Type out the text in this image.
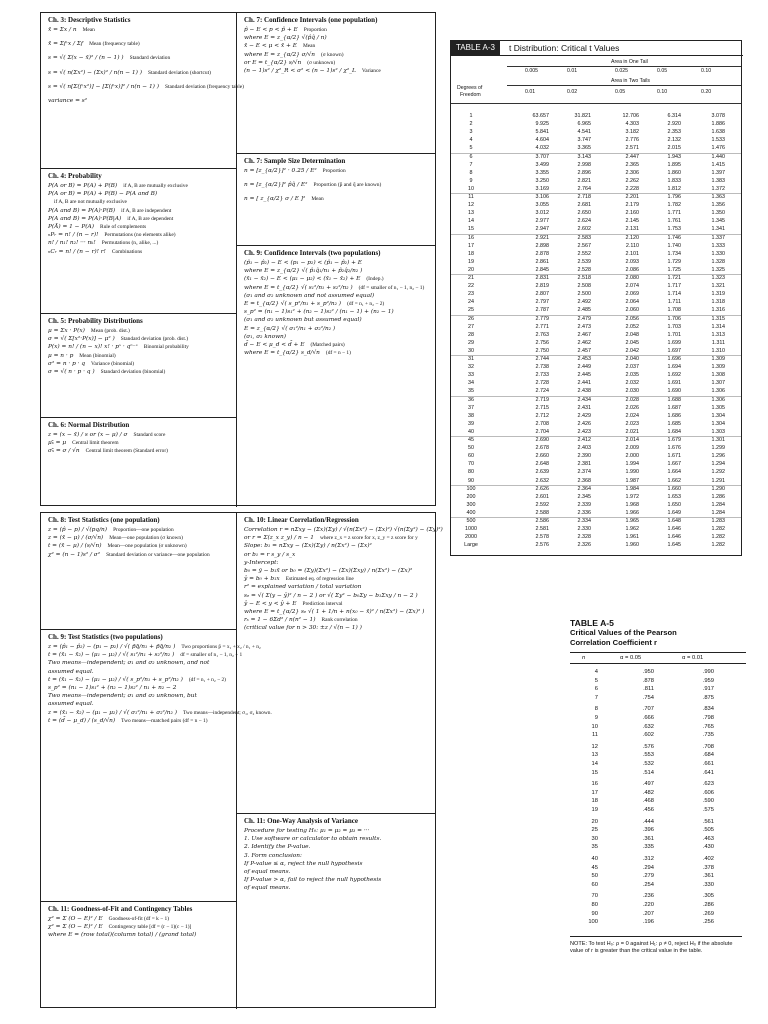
Ch. 3: Descriptive Statistics
x̄ = Σx / n Mean
x̄ = Σf·x / Σf Mean (frequency table)
s = √( Σ(x − x̄)² / (n − 1) ) Standard deviation
s = √( n(Σx²) − (Σx)² / n(n − 1) ) Standard deviation (shortcut)
s = √( n[Σ(f·x²)] − [Σ(f·x)]² / n(n − 1) ) Standard deviation (frequency table)
variance = s²
Ch. 4: Probability
P(A or B) = P(A) + P(B) if A, B are mutually exclusive
P(A or B) = P(A) + P(B) − P(A and B)
if A, B are not mutually exclusive
P(A and B) = P(A)·P(B) if A, B are independent
P(A and B) = P(A)·P(B|A) if A, B are dependent
P(Ā) = 1 − P(A) Rule of complements
ₙPᵣ = n! / (n − r)! Permutations (no elements alike)
n! / n₁! n₂! ··· nₖ! Permutations (n₁ alike, ...)
ₙCᵣ = n! / (n − r)! r! Combinations
Ch. 5: Probability Distributions
μ = Σx · P(x) Mean (prob. dist.)
σ = √( Σ[x²·P(x)] − μ² ) Standard deviation (prob. dist.)
P(x) = n! / (n − x)! x! · pˣ · qⁿ⁻ˣ Binomial probability
μ = n · p Mean (binomial)
σ² = n · p · q Variance (binomial)
σ = √( n · p · q ) Standard deviation (binomial)
Ch. 6: Normal Distribution
z = (x − x̄) / s or (x − μ) / σ Standard score
μₓ̄ = μ Central limit theorem
σₓ̄ = σ / √n Central limit theorem (Standard error)
Ch. 7: Confidence Intervals (one population)
p̂ − E < p < p̂ + E Proportion
where E = z_{α/2} √(p̂q̂ / n)
x̄ − E < μ < x̄ + E Mean
where E = z_{α/2} σ/√n (σ known)
or E = t_{α/2} s/√n (σ unknown)
(n − 1)s² / χ²_R < σ² < (n − 1)s² / χ²_L Variance
Ch. 7: Sample Size Determination
n = [z_{α/2}]² · 0.25 / E² Proportion
n = [z_{α/2}]² p̂q̂ / E² Proportion (p̂ and q̂ are known)
n = [ z_{α/2} σ / E ]² Mean
Ch. 9: Confidence Intervals (two populations)
(p̂₁ − p̂₂) − E < (p₁ − p₂) < (p̂₁ − p̂₂) + E
where E = z_{α/2} √( p̂₁q̂₁/n₁ + p̂₂q̂₂/n₂ )
(x̄₁ − x̄₂) − E < (μ₁ − μ₂) < (x̄₁ − x̄₂) + E (Indep.)
where E = t_{α/2} √( s₁²/n₁ + s₂²/n₂ ) (df = smaller of n₁ − 1, n₂ − 1)
(σ₁ and σ₂ unknown and not assumed equal)
E = t_{α/2} √( s_p²/n₁ + s_p²/n₂ ) (df = n₁ + n₂ − 2)
s_p² = (n₁ − 1)s₁² + (n₂ − 1)s₂² / (n₁ − 1) + (n₂ − 1)
(σ₁ and σ₂ unknown but assumed equal)
E = z_{α/2} √( σ₁²/n₁ + σ₂²/n₂ )
(σ₁, σ₂ known)
d̄ − E < μ_d < d̄ + E (Matched pairs)
where E = t_{α/2} s_d/√n (df = n − 1)
Ch. 8: Test Statistics (one population)
z = (p̂ − p) / √(pq/n) Proportion—one population
z = (x̄ − μ) / (σ/√n) Mean—one population (σ known)
t = (x̄ − μ) / (s/√n) Mean—one population (σ unknown)
χ² = (n − 1)s² / σ² Standard deviation or variance—one population
Ch. 9: Test Statistics (two populations)
z = (p̂₁ − p̂₂) − (p₁ − p₂) / √( p̄q̄/n₁ + p̄q̄/n₂ ) Two proportions p̄ = x₁ + x₂ / n₁ + n₂
t = (x̄₁ − x̄₂) − (μ₁ − μ₂) / √( s₁²/n₁ + s₂²/n₂ ) df = smaller of n₁ − 1, n₂ − 1
Two means—independent; σ₁ and σ₂ unknown, and not
assumed equal.
t = (x̄₁ − x̄₂) − (μ₁ − μ₂) / √( s_p²/n₁ + s_p²/n₂ ) (df = n₁ + n₂ − 2)
s_p² = (n₁ − 1)s₁² + (n₂ − 1)s₂² / n₁ + n₂ − 2
Two means—independent; σ₁ and σ₂ unknown, but
assumed equal.
z = (x̄₁ − x̄₂) − (μ₁ − μ₂) / √( σ₁²/n₁ + σ₂²/n₂ ) Two means—independent; σ₁, σ₂ known.
t = (d̄ − μ_d) / (s_d/√n) Two means—matched pairs (df = n − 1)
Ch. 11: Goodness-of-Fit and Contingency Tables
χ² = Σ (O − E)² / E Goodness-of-fit (df = k − 1)
χ² = Σ (O − E)² / E Contingency table [df = (r − 1)(c − 1)]
where E = (row total)(column total) / (grand total)
Ch. 10: Linear Correlation/Regression
Correlation r = nΣxy − (Σx)(Σy) / √(n(Σx²) − (Σx)²) √(n(Σy²) − (Σy)²)
or r = Σ(z_x z_y) / n − 1 where z_x = z score for x, z_y = z score for y
Slope: b₁ = nΣxy − (Σx)(Σy) / n(Σx²) − (Σx)²
or b₁ = r s_y / s_x
y-Intercept:
b₀ = ȳ − b₁x̄ or b₀ = (Σy)(Σx²) − (Σx)(Σxy) / n(Σx²) − (Σx)²
ŷ = b₀ + b₁x Estimated eq. of regression line
r² = explained variation / total variation
sₑ = √( Σ(y − ŷ)² / n − 2 ) or √( Σy² − b₀Σy − b₁Σxy / n − 2 )
ŷ − E < y < ŷ + E Prediction interval
where E = t_{α/2} sₑ √( 1 + 1/n + n(x₀ − x̄)² / n(Σx²) − (Σx)² )
rₛ = 1 − 6Σd² / n(n² − 1) Rank correlation
(critical value for n > 30: ±z / √(n − 1) )
Ch. 11: One-Way Analysis of Variance
Procedure for testing H₀: μ₁ = μ₂ = μ₃ = ···
1. Use software or calculator to obtain results.
2. Identify the P-value.
3. Form conclusion:
If P-value ≤ α, reject the null hypothesis
of equal means.
If P-value > α, fail to reject the null hypothesis
of equal means.
TABLE A-3	t Distribution: Critical t Values
Area in One Tail
0.005	0.01	0.025	0.05	0.10
Area in Two Tails
0.01	0.02	0.05	0.10	0.20
Degrees of
Freedom
1	63.657	31.821	12.706	6.314	3.078
2	9.925	6.965	4.303	2.920	1.886
3	5.841	4.541	3.182	2.353	1.638
4	4.604	3.747	2.776	2.132	1.533
5	4.032	3.365	2.571	2.015	1.476
6	3.707	3.143	2.447	1.943	1.440
7	3.499	2.998	2.365	1.895	1.415
8	3.355	2.896	2.306	1.860	1.397
9	3.250	2.821	2.262	1.833	1.383
10	3.169	2.764	2.228	1.812	1.372
11	3.106	2.718	2.201	1.796	1.363
12	3.055	2.681	2.179	1.782	1.356
13	3.012	2.650	2.160	1.771	1.350
14	2.977	2.624	2.145	1.761	1.345
15	2.947	2.602	2.131	1.753	1.341
16	2.921	2.583	2.120	1.746	1.337
17	2.898	2.567	2.110	1.740	1.333
18	2.878	2.552	2.101	1.734	1.330
19	2.861	2.539	2.093	1.729	1.328
20	2.845	2.528	2.086	1.725	1.325
21	2.831	2.518	2.080	1.721	1.323
22	2.819	2.508	2.074	1.717	1.321
23	2.807	2.500	2.069	1.714	1.319
24	2.797	2.492	2.064	1.711	1.318
25	2.787	2.485	2.060	1.708	1.316
26	2.779	2.479	2.056	1.706	1.315
27	2.771	2.473	2.052	1.703	1.314
28	2.763	2.467	2.048	1.701	1.313
29	2.756	2.462	2.045	1.699	1.311
30	2.750	2.457	2.042	1.697	1.310
31	2.744	2.453	2.040	1.696	1.309
32	2.738	2.449	2.037	1.694	1.309
33	2.733	2.445	2.035	1.692	1.308
34	2.728	2.441	2.032	1.691	1.307
35	2.724	2.438	2.030	1.690	1.306
36	2.719	2.434	2.028	1.688	1.306
37	2.715	2.431	2.026	1.687	1.305
38	2.712	2.429	2.024	1.686	1.304
39	2.708	2.426	2.023	1.685	1.304
40	2.704	2.423	2.021	1.684	1.303
45	2.690	2.412	2.014	1.679	1.301
50	2.678	2.403	2.009	1.676	1.299
60	2.660	2.390	2.000	1.671	1.296
70	2.648	2.381	1.994	1.667	1.294
80	2.639	2.374	1.990	1.664	1.292
90	2.632	2.368	1.987	1.662	1.291
100	2.626	2.364	1.984	1.660	1.290
200	2.601	2.345	1.972	1.653	1.286
300	2.592	2.339	1.968	1.650	1.284
400	2.588	2.336	1.966	1.649	1.284
500	2.586	2.334	1.965	1.648	1.283
1000	2.581	2.330	1.962	1.646	1.282
2000	2.578	2.328	1.961	1.646	1.282
Large	2.576	2.326	1.960	1.645	1.282
TABLE A-5
Critical Values of the Pearson
Correlation Coefficient r
n	α = 0.05	α = 0.01
4	.950	.990
5	.878	.959
6	.811	.917
7	.754	.875
8	.707	.834
9	.666	.798
10	.632	.765
11	.602	.735
12	.576	.708
13	.553	.684
14	.532	.661
15	.514	.641
16	.497	.623
17	.482	.606
18	.468	.590
19	.456	.575
20	.444	.561
25	.396	.505
30	.361	.463
35	.335	.430
40	.312	.402
45	.294	.378
50	.279	.361
60	.254	.330
70	.236	.305
80	.220	.286
90	.207	.269
100	.196	.256
NOTE: To test H₀: ρ = 0 against H₁: ρ ≠ 0, reject H₀ if the absolute value of r is greater than the critical value in the table.
